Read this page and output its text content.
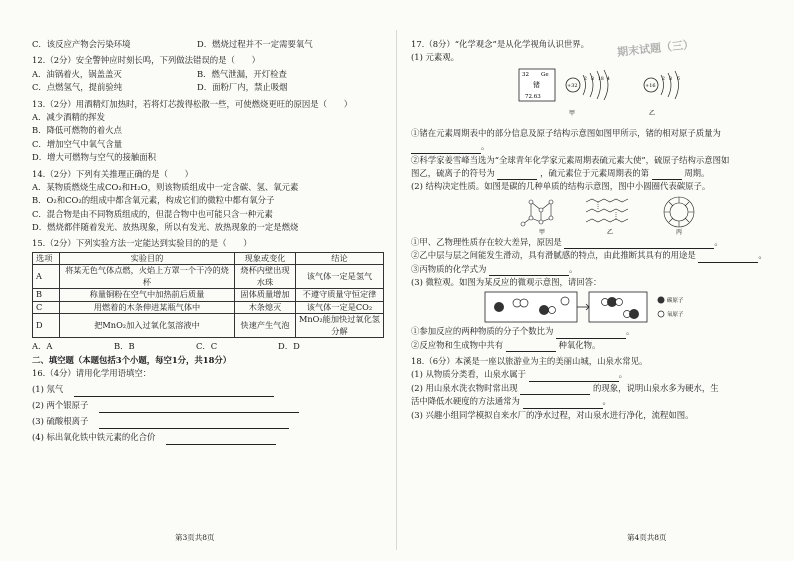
C．该反应产物会污染环境	D．燃烧过程并不一定需要氧气
12.（2分）安全警钟应时刻长鸣，下列做法错误的是（　　）
A．油锅着火，锅盖盖灭	B．燃气泄漏，开灯检查
C．点燃氢气，提前验纯	D．面粉厂内，禁止吸烟
13.（2分）用酒精灯加热时，若将灯芯拨得松散一些，可使燃烧更旺的原因是（　　）
A．减少酒精的挥发
B．降低可燃物的着火点
C．增加空气中氧气含量
D．增大可燃物与空气的接触面积
14.（2分）下列有关推理正确的是（　　）
A．某物质燃烧生成CO₂和H₂O，则该物质组成中一定含碳、氢、氧元素
B．O₂和CO₂的组成中都含氧元素，构成它们的微粒中都有氧分子
C．混合物是由不同物质组成的，但混合物中也可能只含一种元素
D．燃烧都伴随着发光、放热现象，所以有发光、放热现象的一定是燃烧
15.（2分）下列实验方法一定能达到实验目的的是（　　）
选项	实验目的	现象或变化	结论
A	将某无色气体点燃，火焰上方罩一个干冷的烧杯	烧杯内壁出现水珠	该气体一定是氢气
B	称量铜粉在空气中加热前后质量	固体质量增加	不遵守质量守恒定律
C	用燃着的木条伸进某瓶气体中	木条熄灭	该气体一定是CO₂
D	把MnO₂加入过氧化氢溶液中	快速产生气泡	MnO₂能加快过氧化氢分解
A．A	B．B	C．C	D．D
二、填空题（本题包括3个小题，每空1分，共18分）
16.（4分）请用化学用语填空：
(1) 氖气
(2) 两个银原子
(3) 硫酸根离子
(4) 标出氧化铁中铁元素的化合价
第3页共8页
期末试题（三）
17.（8分）“化学观念”是从化学视角认识世界。
(1) 元素观。
32 Ge
锗
72.63
+32
2 8 18 4
甲
+16
2 8 6
乙
①锗在元素周期表中的部分信息及原子结构示意图如图甲所示，锗的相对原子质量为
。
②科学家姜雪峰当选为“全球青年化学家元素周期表硫元素大使”，硫原子结构示意图如
图乙，硫离子的符号为	，硫元素位于元素周期表的第	周期。
(2) 结构决定性质。如图是碳的几种单质的结构示意图，图中小圆圈代表碳原子。
甲	乙	丙
①甲、乙物理性质存在较大差异，原因是	。
②乙中层与层之间能发生滑动，具有滑腻感的特点，由此推断其具有的用途是	。
③丙物质的化学式为	。
(3) 微粒观。如图为某反应的微观示意图，请回答：
碳原子
氧原子
①参加反应的两种物质的分子个数比为	。
②反应物和生成物中共有	种氧化物。
18.（6分）本溪是一座以旅游业为主的美丽山城，山泉水常见。
(1) 从物质分类看，山泉水属于	。
(2) 用山泉水洗衣物时常出现	的现象，说明山泉水多为硬水，生
活中降低水硬度的方法通常为	。
(3) 兴趣小组同学模拟自来水厂的净水过程，对山泉水进行净化，流程如图。
第4页共8页
